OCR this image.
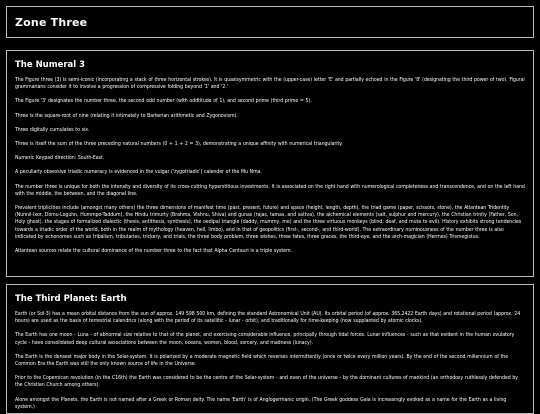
Zone Three
The Numeral 3

The Figure three (3) is semi-iconic (incorporating a stack of three horizontal strokes). It is quasisymmetric with the (upper-case) letter 'E' and partially echoed in the Figure '8' (designating the third power of two). Figural grammarians consider it to involve a progression of compressive folding beyond '1' and '2.'

The Figure '3' designates the number three, the second odd number (with oddtitude of 1), and second prime (third prime = 5).

Three is the square-root of nine (relating it intimately to Barkerian arithmetic and Zygonovism).

Three digitally cumulates to six.

Three is itself the sum of the three preceding natural numbers (0 + 1 + 2 = 3), demonstrating a unique affinity with numerical triangularity.

Numeric Keypad direction: South-East.

A peculiarly obsessive triadic numeracy is evidenced in the vulgar ('zygotriadic') calender of the Mu Nma.

The number three is unique for both the intensity and diversity of its cross-cutting hyperstitious investments. It is associated on the right hand with numerological completeness and transcendence, and on the left hand with the middle, the between, and the diagonal line.

Prevalent triplicities include (amongst many others) the three dimensions of manifest time (past, present, future) and space (height, length, depth), the triad game (paper, scissors, stone), the Atlantean Tridentity (Nunnil-Ixor, Domu-Loguhn, Hummpo-Taddum), the Hindu trimurty (Brahma, Vishnu, Shiva) and gunas (rajas, tamas, and sattva), the alchemical elements (salt, sulphur and mercury), the Christian trinity (Father, Son, Holy ghost), the stages of formalized dialectic (thesis, antithesis, synthesis), the oedipal triangle (daddy, mummy, me) and the three virtuous monkeys (blind, deaf, and mute to evil). History exhibits strong tendencies towards a triadic order of the world, both in the realm of mythology (heaven, hell, limbo), and in that of geopolitics (first-, second-, and third-world). The extraordinary numinousness of the number three is also indicated by echonomes such as tribalism, tributaries, trickery, and trials, the three body problem, three wishes, three fates, three graces, the third-eye, and the arch-magician (Hermes) Trismegistus.

Atlantean sources relate the cultural dominance of the number three to the fact that Alpha Centauri is a triple system.

The Third Planet: Earth

Earth (or Sol-3) has a mean orbital distance from the sun of approx. 149 598 500 km, defining the standard Astronomical Unit (AU). Its orbital period (of approx. 365.2422 Earth days) and rotational period (approx. 24 hours) are used as the basis of terrestrial calendrics (along with the period of its satellitic - lunar - orbit), and traditionally for time-keeping (now supplanted by atomic clocks).

The Earth has one moon - Luna - of abnormal size relative to that of the planet, and exercising considerable influence, principally through tidal forces. Lunar influences - such as that evident in the human ovulatory cycle - have consolidated deep cultural associations between the moon, oceans, women, blood, sorcery, and madness (lunacy).

The Earth is the densest major body in the Solar-system. It is polarized by a moderate magnetic field which reverses intermittently (once or twice every million years). By the end of the second millennium of the Common Era the Earth was still the only known source of life in the Universe.

Prior to the Copernican revolution (in the C16th) the Earth was considered to be the centre of the Solar-system - and even of the universe - by the dominant cultures of mankind (an orthodoxy ruthlessly defended by the Christian Church among others).

Alone amongst the Planets, the Earth is not named after a Greek or Roman deity. The name 'Earth' is of Anglogermanic origin. (The Greek goddess Gaia is increasingly evoked as a name for the Earth as a living system.)
